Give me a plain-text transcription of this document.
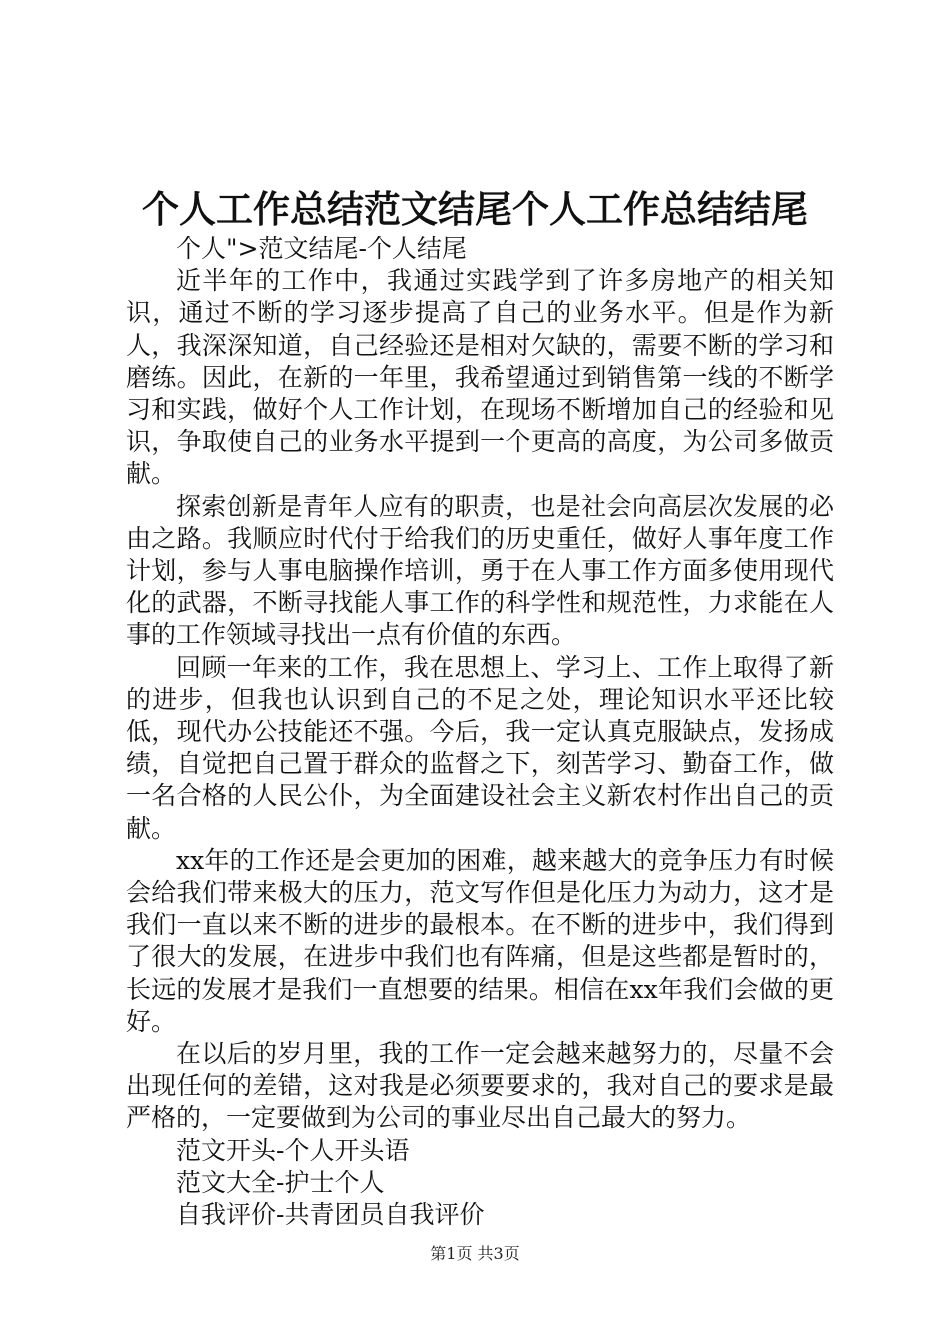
个人工作总结范文结尾个人工作总结结尾

个人">范文结尾-个人结尾

近半年的工作中，我通过实践学到了许多房地产的相关知识，通过不断的学习逐步提高了自己的业务水平。但是作为新人，我深深知道，自己经验还是相对欠缺的，需要不断的学习和磨练。因此，在新的一年里，我希望通过到销售第一线的不断学习和实践，做好个人工作计划，在现场不断增加自己的经验和见识，争取使自己的业务水平提到一个更高的高度，为公司多做贡献。

探索创新是青年人应有的职责，也是社会向高层次发展的必由之路。我顺应时代付于给我们的历史重任，做好人事年度工作计划，参与人事电脑操作培训，勇于在人事工作方面多使用现代化的武器，不断寻找能人事工作的科学性和规范性，力求能在人事的工作领域寻找出一点有价值的东西。

回顾一年来的工作，我在思想上、学习上、工作上取得了新的进步，但我也认识到自己的不足之处，理论知识水平还比较低，现代办公技能还不强。今后，我一定认真克服缺点，发扬成绩，自觉把自己置于群众的监督之下，刻苦学习、勤奋工作，做一名合格的人民公仆，为全面建设社会主义新农村作出自己的贡献。

xx年的工作还是会更加的困难，越来越大的竞争压力有时候会给我们带来极大的压力，范文写作但是化压力为动力，这才是我们一直以来不断的进步的最根本。在不断的进步中，我们得到了很大的发展，在进步中我们也有阵痛，但是这些都是暂时的，长远的发展才是我们一直想要的结果。相信在xx年我们会做的更好。

在以后的岁月里，我的工作一定会越来越努力的，尽量不会出现任何的差错，这对我是必须要要求的，我对自己的要求是最严格的，一定要做到为公司的事业尽出自己最大的努力。

范文开头-个人开头语

范文大全-护士个人

自我评价-共青团员自我评价

第1页 共3页
